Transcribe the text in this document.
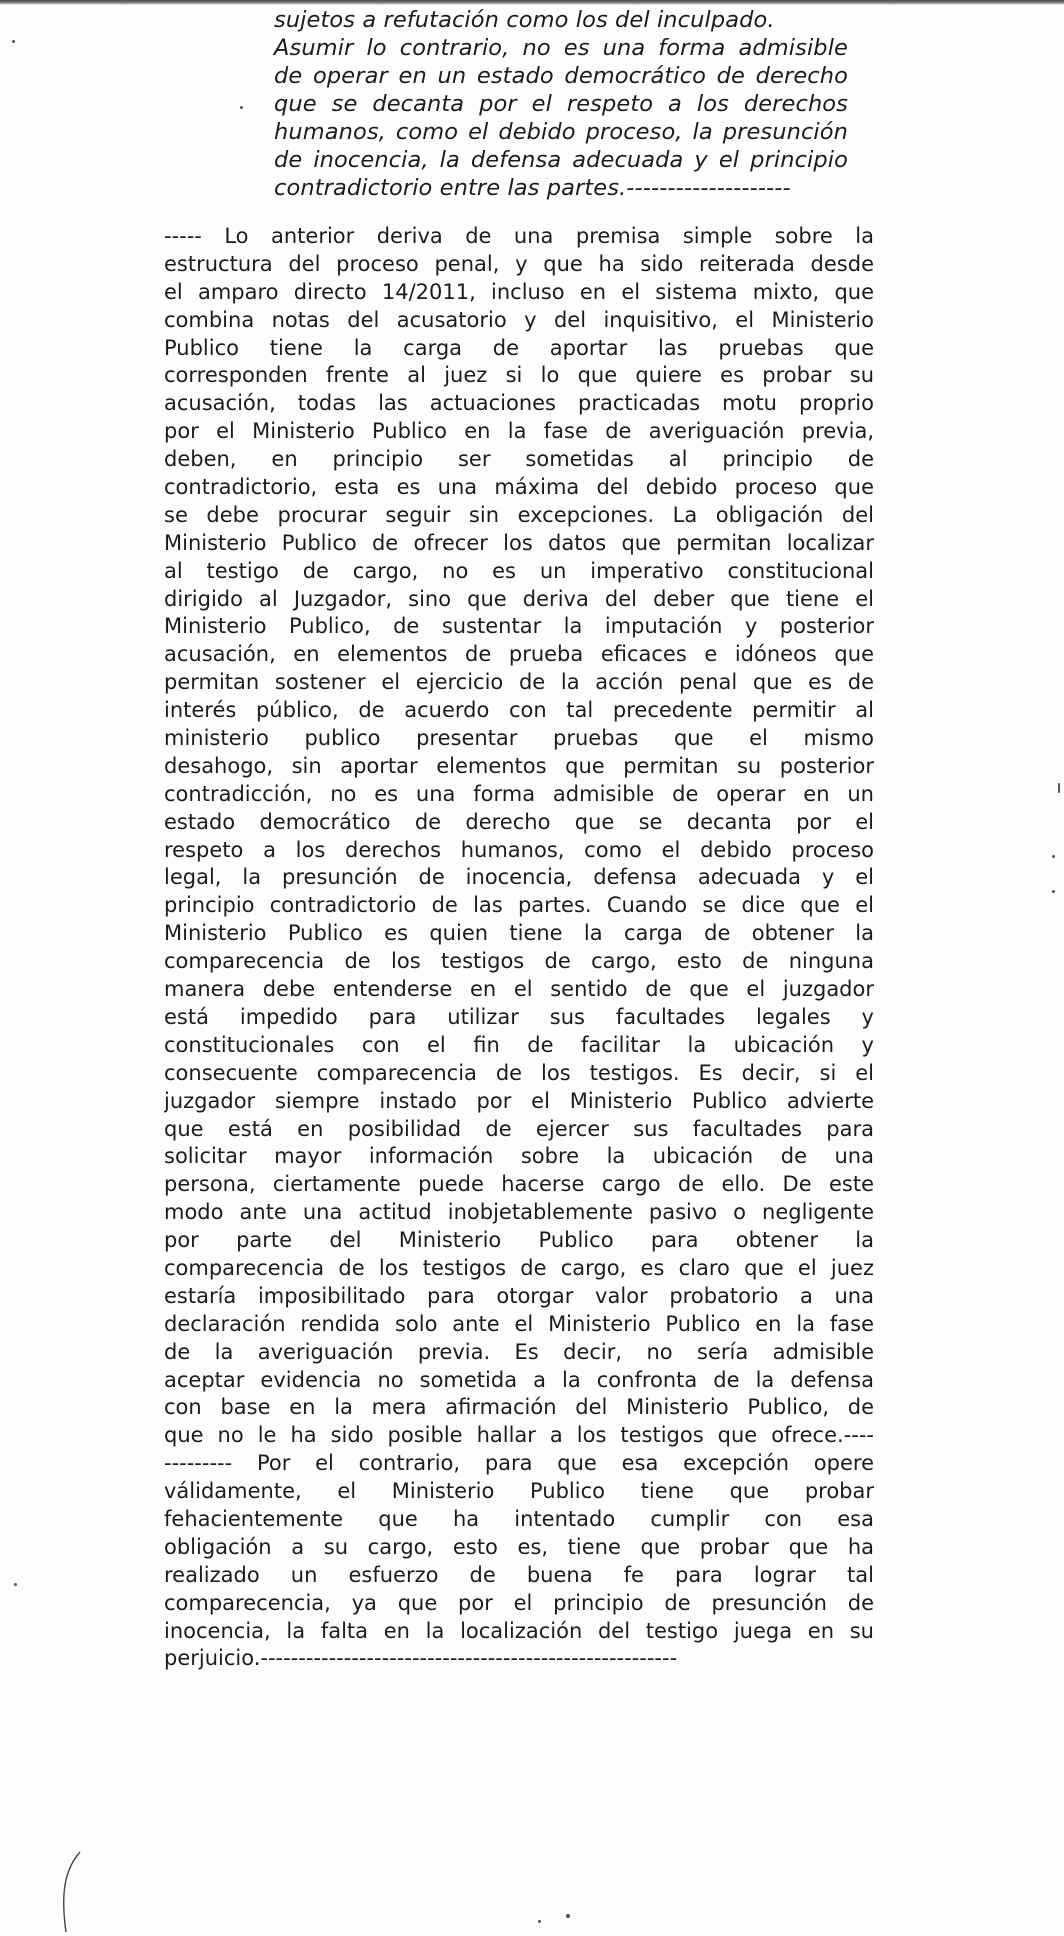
sujetos a refutación como los del inculpado.
Asumir lo contrario, no es una forma admisible
de operar en un estado democrático de derecho
que se decanta por el respeto a los derechos
humanos, como el debido proceso, la presunción
de inocencia, la defensa adecuada y el principio
contradictorio entre las partes.--------------------

----- Lo anterior deriva de una premisa simple sobre la
estructura del proceso penal, y que ha sido reiterada desde
el amparo directo 14/2011, incluso en el sistema mixto, que
combina notas del acusatorio y del inquisitivo, el Ministerio
Publico tiene la carga de aportar las pruebas que
corresponden frente al juez si lo que quiere es probar su
acusación, todas las actuaciones practicadas motu proprio
por el Ministerio Publico en la fase de averiguación previa,
deben, en principio ser sometidas al principio de
contradictorio, esta es una máxima del debido proceso que
se debe procurar seguir sin excepciones. La obligación del
Ministerio Publico de ofrecer los datos que permitan localizar
al testigo de cargo, no es un imperativo constitucional
dirigido al Juzgador, sino que deriva del deber que tiene el
Ministerio Publico, de sustentar la imputación y posterior
acusación, en elementos de prueba eficaces e idóneos que
permitan sostener el ejercicio de la acción penal que es de
interés público, de acuerdo con tal precedente permitir al
ministerio publico presentar pruebas que el mismo
desahogo, sin aportar elementos que permitan su posterior
contradicción, no es una forma admisible de operar en un
estado democrático de derecho que se decanta por el
respeto a los derechos humanos, como el debido proceso
legal, la presunción de inocencia, defensa adecuada y el
principio contradictorio de las partes. Cuando se dice que el
Ministerio Publico es quien tiene la carga de obtener la
comparecencia de los testigos de cargo, esto de ninguna
manera debe entenderse en el sentido de que el juzgador
está impedido para utilizar sus facultades legales y
constitucionales con el fin de facilitar la ubicación y
consecuente comparecencia de los testigos. Es decir, si el
juzgador siempre instado por el Ministerio Publico advierte
que está en posibilidad de ejercer sus facultades para
solicitar mayor información sobre la ubicación de una
persona, ciertamente puede hacerse cargo de ello. De este
modo ante una actitud inobjetablemente pasivo o negligente
por parte del Ministerio Publico para obtener la
comparecencia de los testigos de cargo, es claro que el juez
estaría imposibilitado para otorgar valor probatorio a una
declaración rendida solo ante el Ministerio Publico en la fase
de la averiguación previa. Es decir, no sería admisible
aceptar evidencia no sometida a la confronta de la defensa
con base en la mera afirmación del Ministerio Publico, de
que no le ha sido posible hallar a los testigos que ofrece.----
--------- Por el contrario, para que esa excepción opere
válidamente, el Ministerio Publico tiene que probar
fehacientemente que ha intentado cumplir con esa
obligación a su cargo, esto es, tiene que probar que ha
realizado un esfuerzo de buena fe para lograr tal
comparecencia, ya que por el principio de presunción de
inocencia, la falta en la localización del testigo juega en su
perjuicio.-------------------------------------------------------
